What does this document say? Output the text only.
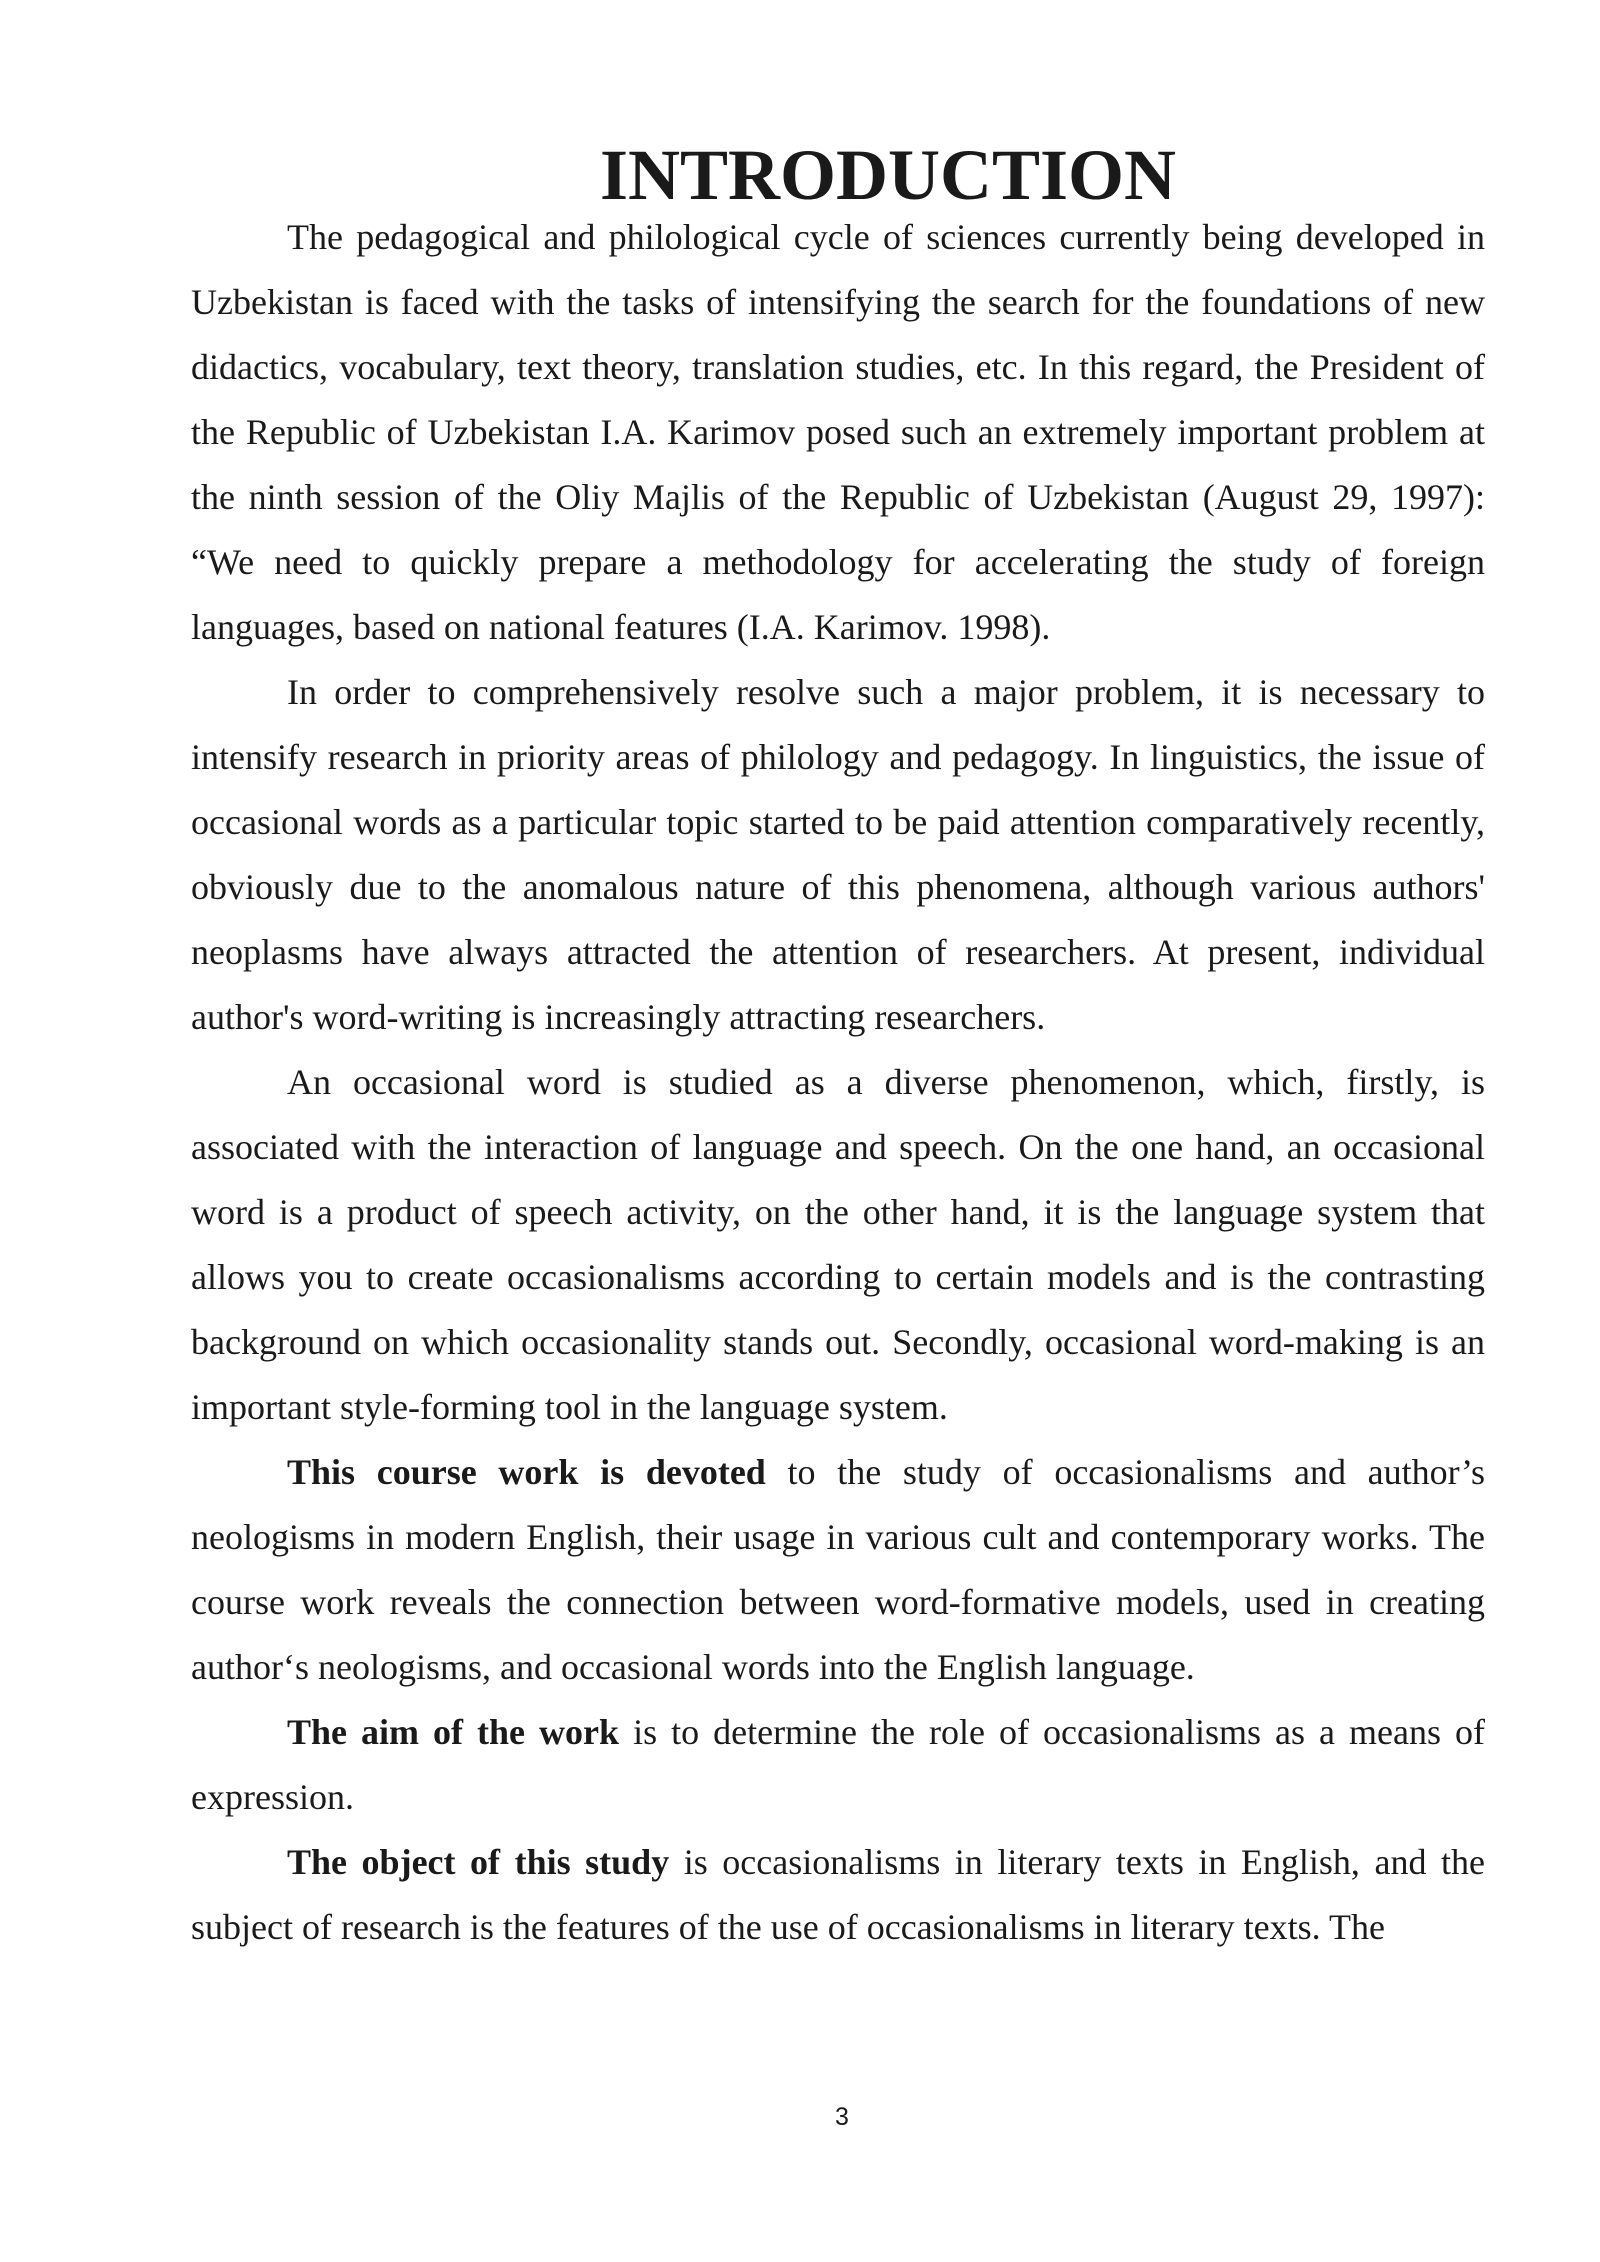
INTRODUCTION

The pedagogical and philological cycle of sciences currently being developed in Uzbekistan is faced with the tasks of intensifying the search for the foundations of new didactics, vocabulary, text theory, translation studies, etc. In this regard, the President of the Republic of Uzbekistan I.A. Karimov posed such an extremely important problem at the ninth session of the Oliy Majlis of the Republic of Uzbekistan (August 29, 1997): “We need to quickly prepare a methodology for accelerating the study of foreign languages, based on national features (I.A. Karimov. 1998).

In order to comprehensively resolve such a major problem, it is necessary to intensify research in priority areas of philology and pedagogy. In linguistics, the issue of occasional words as a particular topic started to be paid attention comparatively recently, obviously due to the anomalous nature of this phenomena, although various authors' neoplasms have always attracted the attention of researchers. At present, individual author's word-writing is increasingly attracting researchers.

An occasional word is studied as a diverse phenomenon, which, firstly, is associated with the interaction of language and speech. On the one hand, an occasional word is a product of speech activity, on the other hand, it is the language system that allows you to create occasionalisms according to certain models and is the contrasting background on which occasionality stands out. Secondly, occasional word-making is an important style-forming tool in the language system.

This course work is devoted to the study of occasionalisms and author’s neologisms in modern English, their usage in various cult and contemporary works. The course work reveals the connection between word-formative models, used in creating author‘s neologisms, and occasional words into the English language.

The aim of the work is to determine the role of occasionalisms as a means of expression.

The object of this study is occasionalisms in literary texts in English, and the subject of research is the features of the use of occasionalisms in literary texts. The

3
